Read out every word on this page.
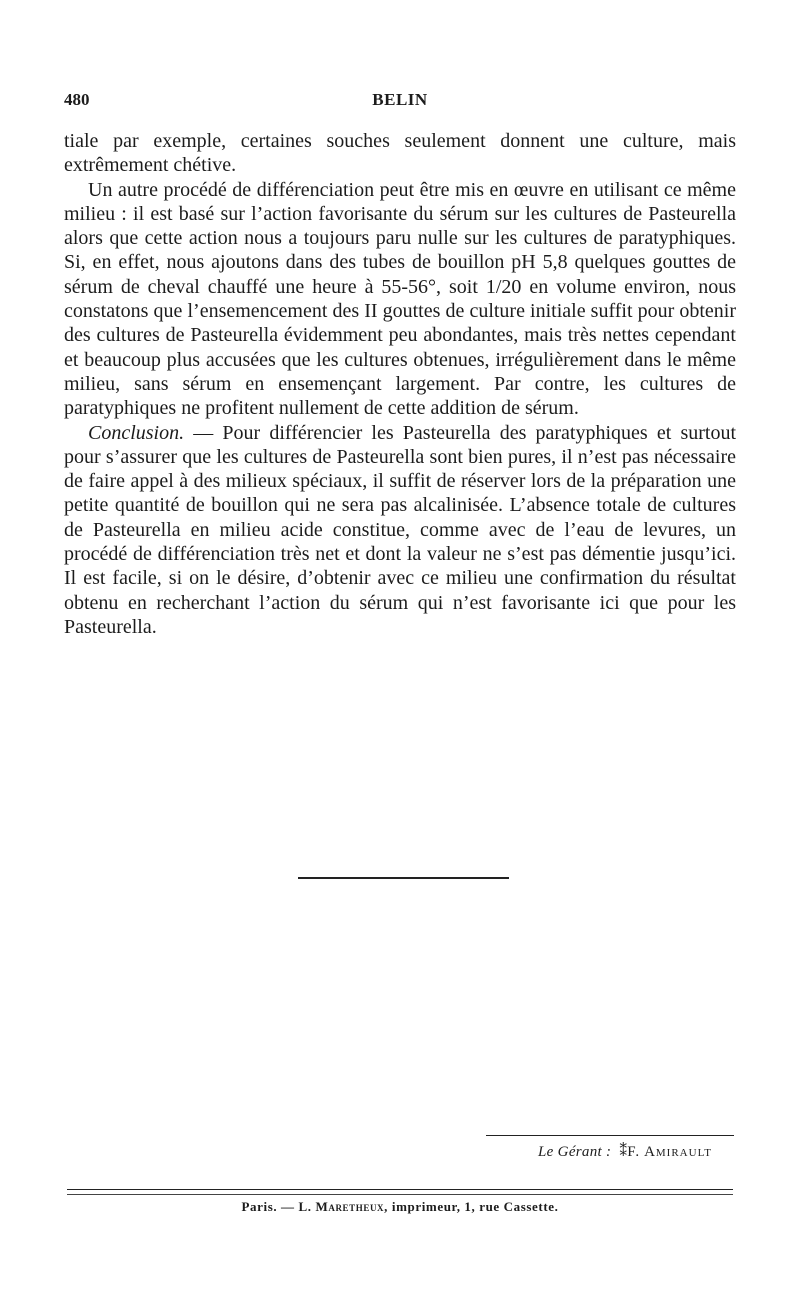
480	BELIN

tiale par exemple, certaines souches seulement donnent une culture, mais extrêmement chétive.

Un autre procédé de différenciation peut être mis en œuvre en utilisant ce même milieu : il est basé sur l’action favorisante du sérum sur les cultures de Pasteurella alors que cette action nous a toujours paru nulle sur les cultures de paratyphiques. Si, en effet, nous ajoutons dans des tubes de bouillon pH 5,8 quelques gouttes de sérum de cheval chauffé une heure à 55-56°, soit 1/20 en volume environ, nous constatons que l’ensemencement des II gouttes de culture initiale suffit pour obtenir des cultures de Pasteurella évidemment peu abondantes, mais très nettes cependant et beaucoup plus accusées que les cultures obtenues, irrégulièrement dans le même milieu, sans sérum en ensemençant largement. Par contre, les cultures de paratyphiques ne profitent nullement de cette addition de sérum.

Conclusion. — Pour différencier les Pasteurella des paratyphiques et surtout pour s’assurer que les cultures de Pasteurella sont bien pures, il n’est pas nécessaire de faire appel à des milieux spéciaux, il suffit de réserver lors de la préparation une petite quantité de bouillon qui ne sera pas alcalinisée. L’absence totale de cultures de Pasteurella en milieu acide constitue, comme avec de l’eau de levures, un procédé de différenciation très net et dont la valeur ne s’est pas démentie jusqu’ici. Il est facile, si on le désire, d’obtenir avec ce milieu une confirmation du résultat obtenu en recherchant l’action du sérum qui n’est favorisante ici que pour les Pasteurella.

Le Gérant :  ⁑F. Amirault
Paris. — L. Maretheux, imprimeur, 1, rue Cassette.
